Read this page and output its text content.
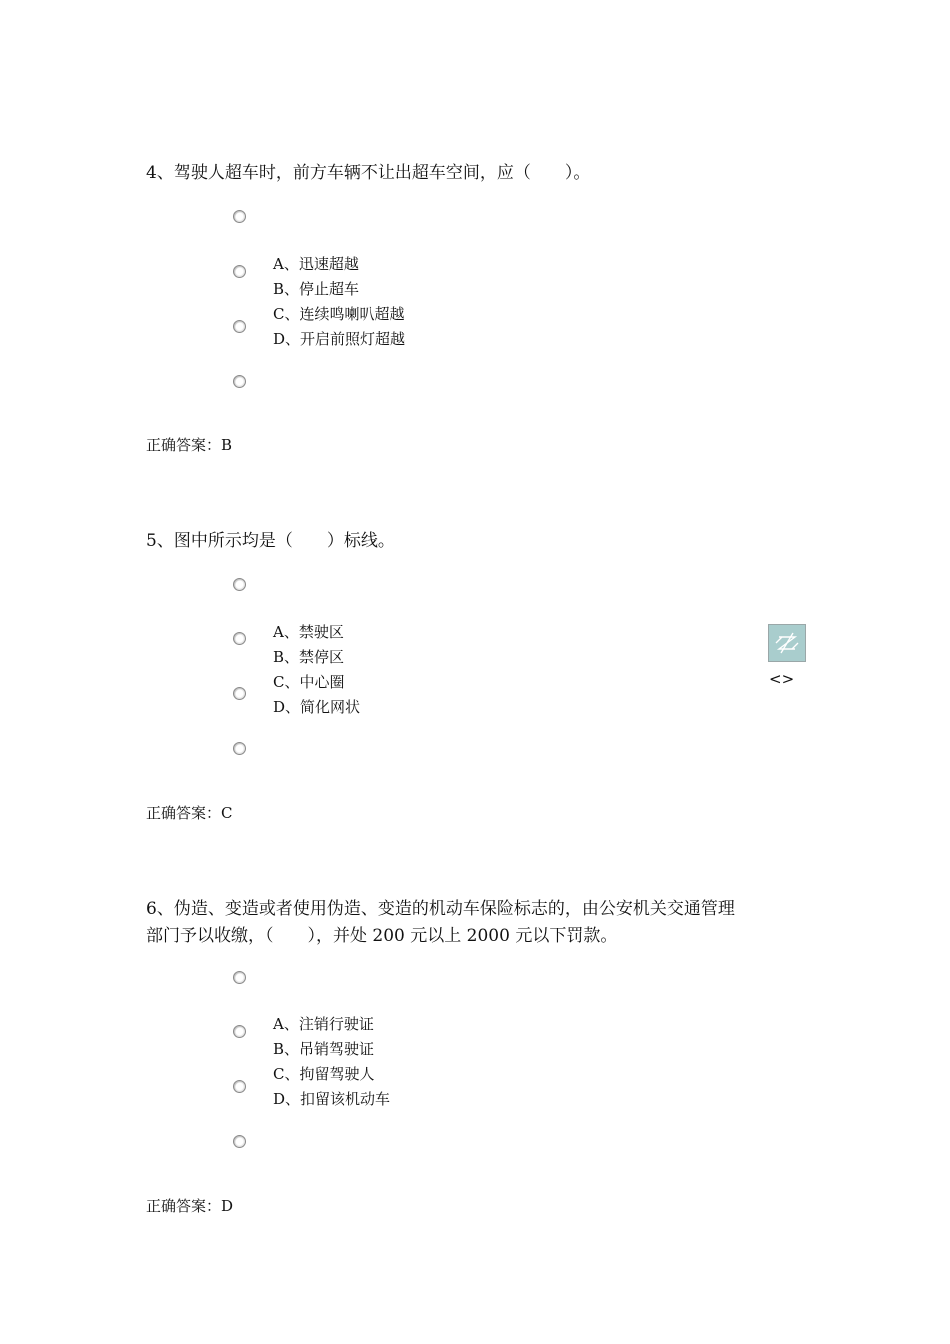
4、驾驶人超车时，前方车辆不让出超车空间，应（　　）。

A、迅速超越
B、停止超车
C、连续鸣喇叭超越
D、开启前照灯超越
正确答案：B

5、图中所示均是（　　）标线。

A、禁驶区
B、禁停区
C、中心圈
D、简化网状
正确答案：C
<>

6、伪造、变造或者使用伪造、变造的机动车保险标志的，由公安机关交通管理
部门予以收缴，（　　），并处 200 元以上 2000 元以下罚款。

A、注销行驶证
B、吊销驾驶证
C、拘留驾驶人
D、扣留该机动车
正确答案：D
